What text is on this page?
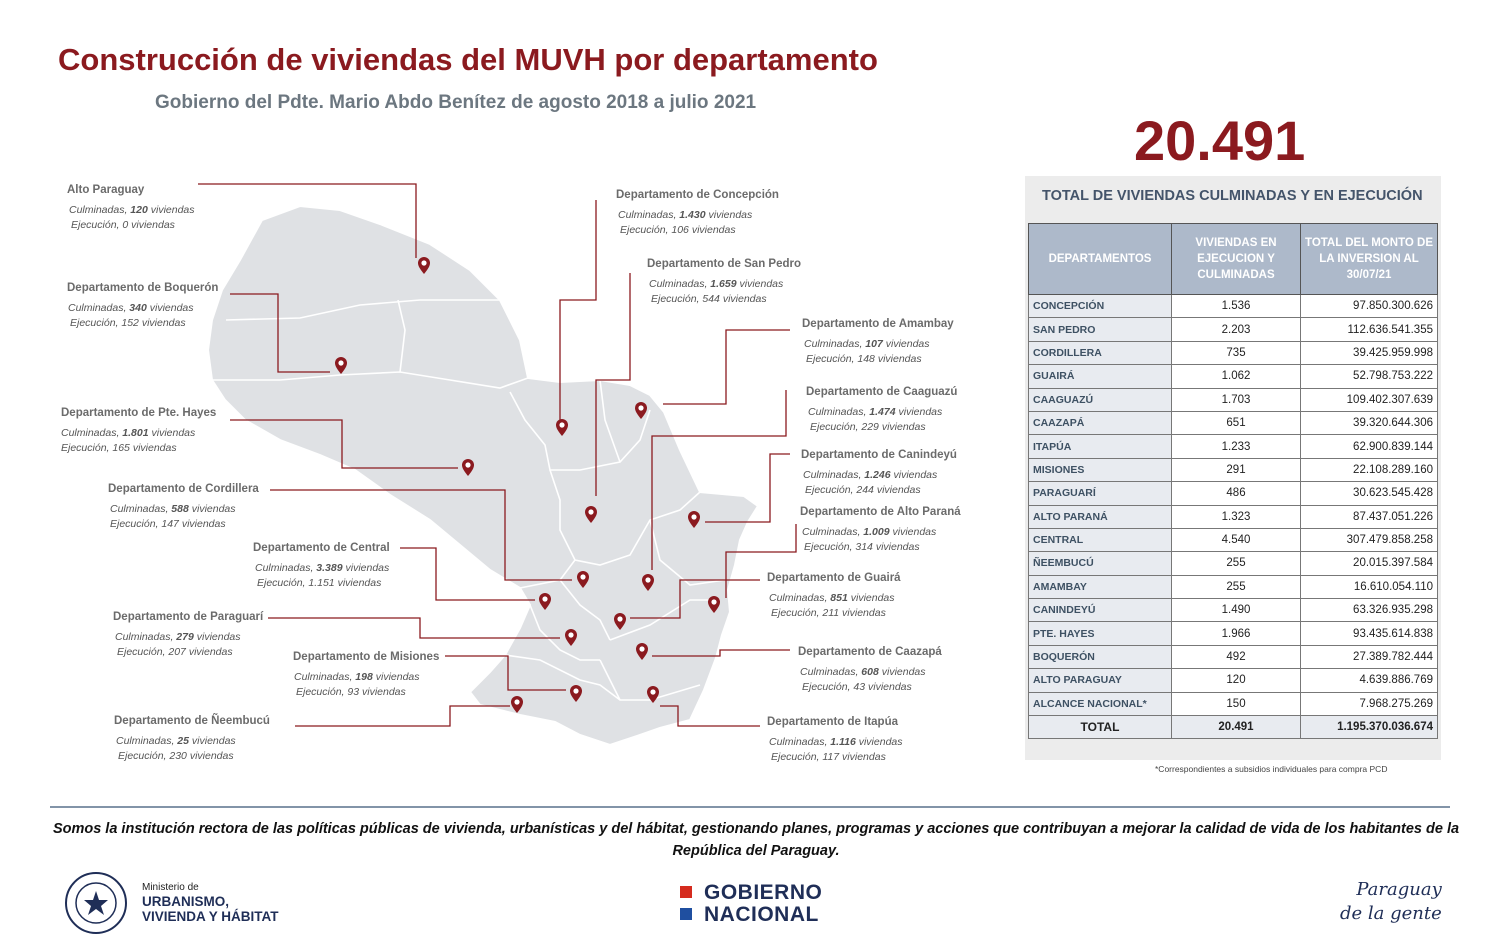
Construcción de viviendas del MUVH por departamento
Gobierno del Pdte. Mario Abdo Benítez de agosto 2018 a julio 2021
20.491
Alto Paraguay
Culminadas, 120 viviendas
Ejecución, 0 viviendas
Departamento de Boquerón
Culminadas, 340 viviendas
Ejecución, 152 viviendas
Departamento de Pte. Hayes
Culminadas, 1.801 viviendas
Ejecución, 165 viviendas
Departamento de Cordillera
Culminadas, 588 viviendas
Ejecución, 147 viviendas
Departamento de Central
Culminadas, 3.389 viviendas
Ejecución, 1.151 viviendas
Departamento de Paraguarí
Culminadas, 279 viviendas
Ejecución, 207 viviendas	Departamento de Misiones
Culminadas, 198 viviendas
Ejecución, 93 viviendas
Departamento de Ñeembucú
Culminadas, 25 viviendas
Ejecución, 230 viviendas
Departamento de Concepción
Culminadas, 1.430 viviendas
Ejecución, 106 viviendas
Departamento de San Pedro
Culminadas, 1.659 viviendas
Ejecución, 544 viviendas
Departamento de Amambay
Culminadas, 107 viviendas
Ejecución, 148 viviendas
Departamento de Caaguazú
Culminadas, 1.474 viviendas
Ejecución, 229 viviendas
Departamento de Canindeyú
Culminadas, 1.246 viviendas
Ejecución, 244 viviendas
Departamento de Alto Paraná
Culminadas, 1.009 viviendas
Ejecución, 314 viviendas
Departamento de Guairá
Culminadas, 851 viviendas
Ejecución, 211 viviendas
Departamento de Caazapá
Culminadas, 608 viviendas
Ejecución, 43 viviendas
Departamento de Itapúa
Culminadas, 1.116 viviendas
Ejecución, 117 viviendas
TOTAL DE VIVIENDAS CULMINADAS Y EN EJECUCIÓN
DEPARTAMENTOS	VIVIENDAS EN EJECUCION Y CULMINADAS	TOTAL DEL MONTO DE LA INVERSION AL 30/07/21
CONCEPCIÓN	1.536	97.850.300.626
SAN PEDRO	2.203	112.636.541.355
CORDILLERA	735	39.425.959.998
GUAIRÁ	1.062	52.798.753.222
CAAGUAZÚ	1.703	109.402.307.639
CAAZAPÁ	651	39.320.644.306
ITAPÚA	1.233	62.900.839.144
MISIONES	291	22.108.289.160
PARAGUARÍ	486	30.623.545.428
ALTO PARANÁ	1.323	87.437.051.226
CENTRAL	4.540	307.479.858.258
ÑEEMBUCÚ	255	20.015.397.584
AMAMBAY	255	16.610.054.110
CANINDEYÚ	1.490	63.326.935.298
PTE. HAYES	1.966	93.435.614.838
BOQUERÓN	492	27.389.782.444
ALTO PARAGUAY	120	4.639.886.769
ALCANCE NACIONAL*	150	7.968.275.269
TOTAL	20.491	1.195.370.036.674
*Correspondientes a subsidios individuales para compra PCD
Somos la institución rectora de las políticas públicas de vivienda, urbanísticas y del hábitat, gestionando planes, programas y acciones que contribuyan a mejorar la calidad de vida de los habitantes de la República del Paraguay.
Ministerio de
URBANISMO,
VIVIENDA Y HÁBITAT
GOBIERNO
NACIONAL
Paraguay
de la gente
